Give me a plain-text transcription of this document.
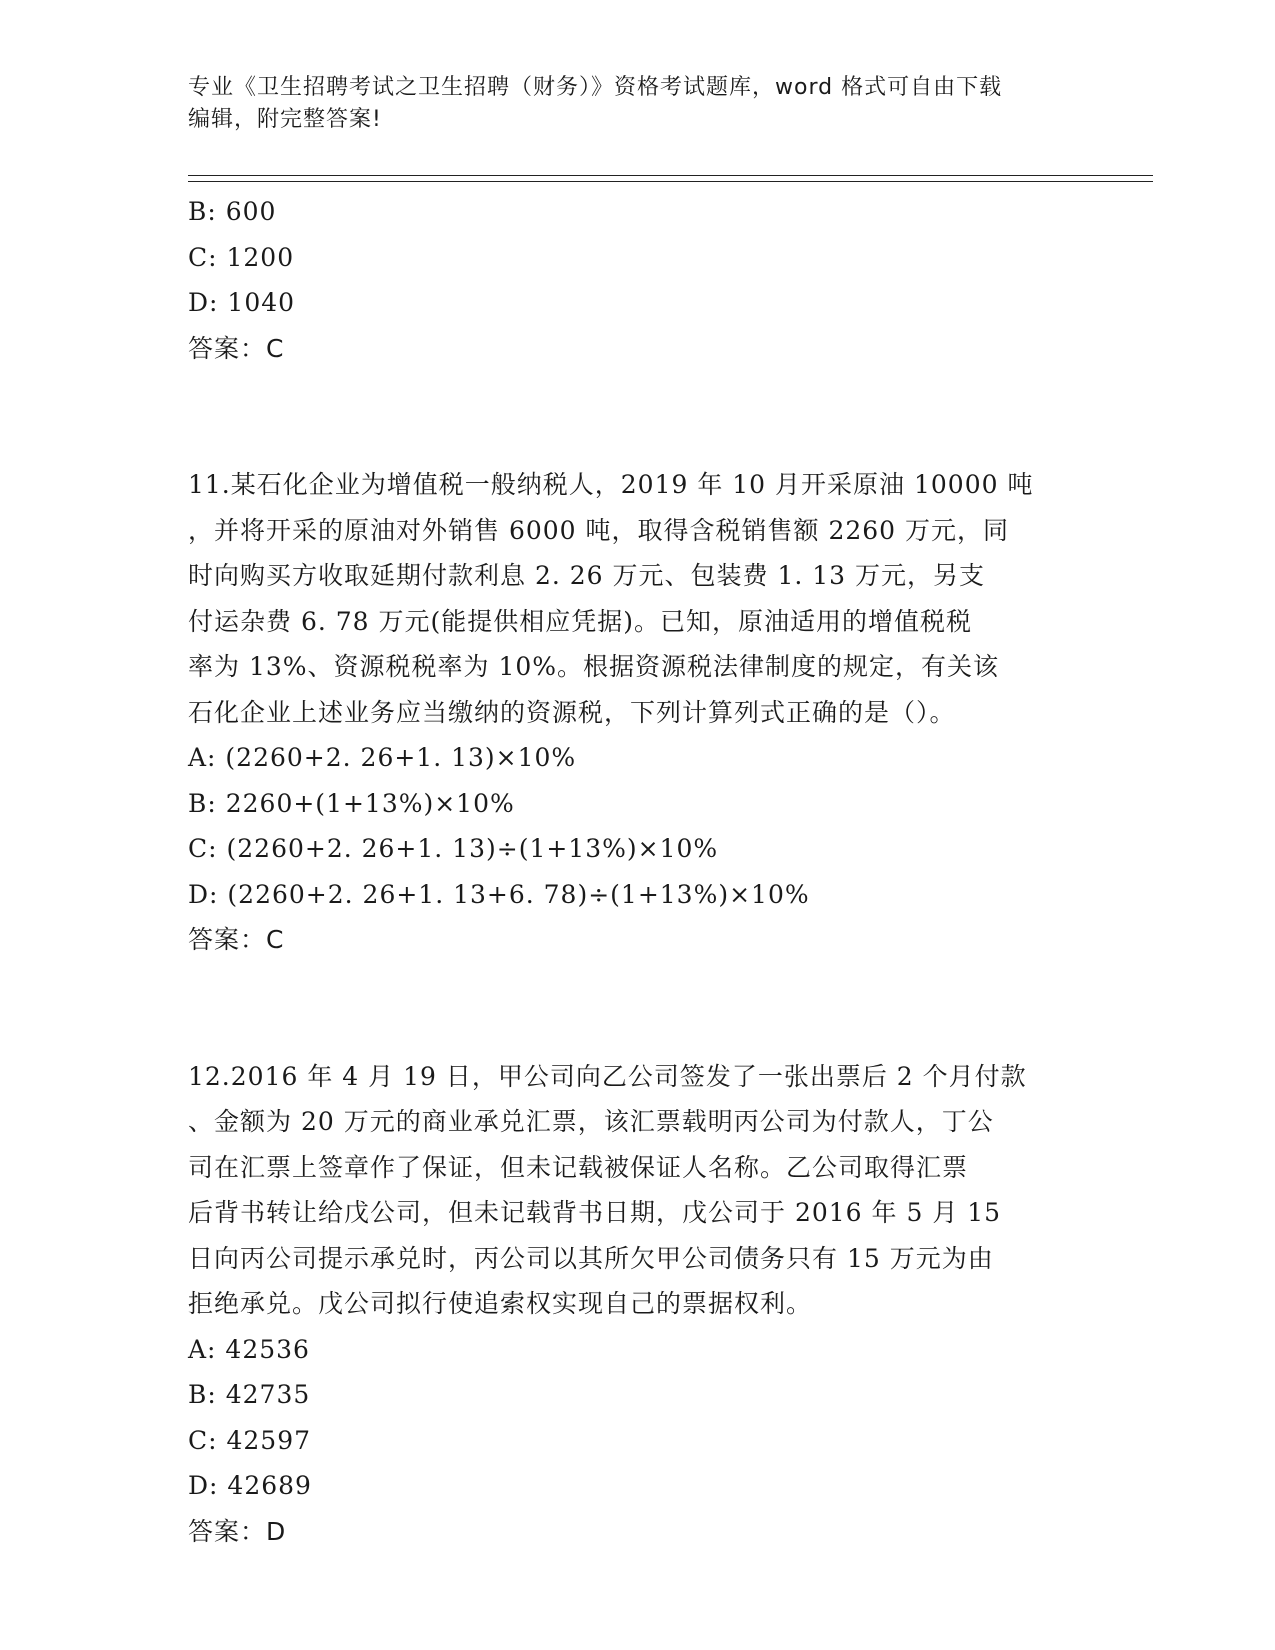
专业《卫生招聘考试之卫生招聘（财务）》资格考试题库，word 格式可自由下载
编辑，附完整答案!
B: 600
C: 1200
D: 1040
答案：C
11.某石化企业为增值税一般纳税人，2019 年 10 月开采原油 10000 吨
，并将开采的原油对外销售 6000 吨，取得含税销售额 2260 万元，同
时向购买方收取延期付款利息 2. 26 万元、包装费 1. 13 万元，另支
付运杂费 6. 78 万元(能提供相应凭据)。已知，原油适用的增值税税
率为 13%、资源税税率为 10%。根据资源税法律制度的规定，有关该
石化企业上述业务应当缴纳的资源税，下列计算列式正确的是（）。
A: (2260+2. 26+1. 13)×10%
B: 2260+(1+13%)×10%
C: (2260+2. 26+1. 13)÷(1+13%)×10%
D: (2260+2. 26+1. 13+6. 78)÷(1+13%)×10%
答案：C
12.2016 年 4 月 19 日，甲公司向乙公司签发了一张出票后 2 个月付款
、金额为 20 万元的商业承兑汇票，该汇票载明丙公司为付款人，丁公
司在汇票上签章作了保证，但未记载被保证人名称。乙公司取得汇票
后背书转让给戊公司，但未记载背书日期，戊公司于 2016 年 5 月 15
日向丙公司提示承兑时，丙公司以其所欠甲公司债务只有 15 万元为由
拒绝承兑。戊公司拟行使追索权实现自己的票据权利。
A: 42536
B: 42735
C: 42597
D: 42689
答案：D
